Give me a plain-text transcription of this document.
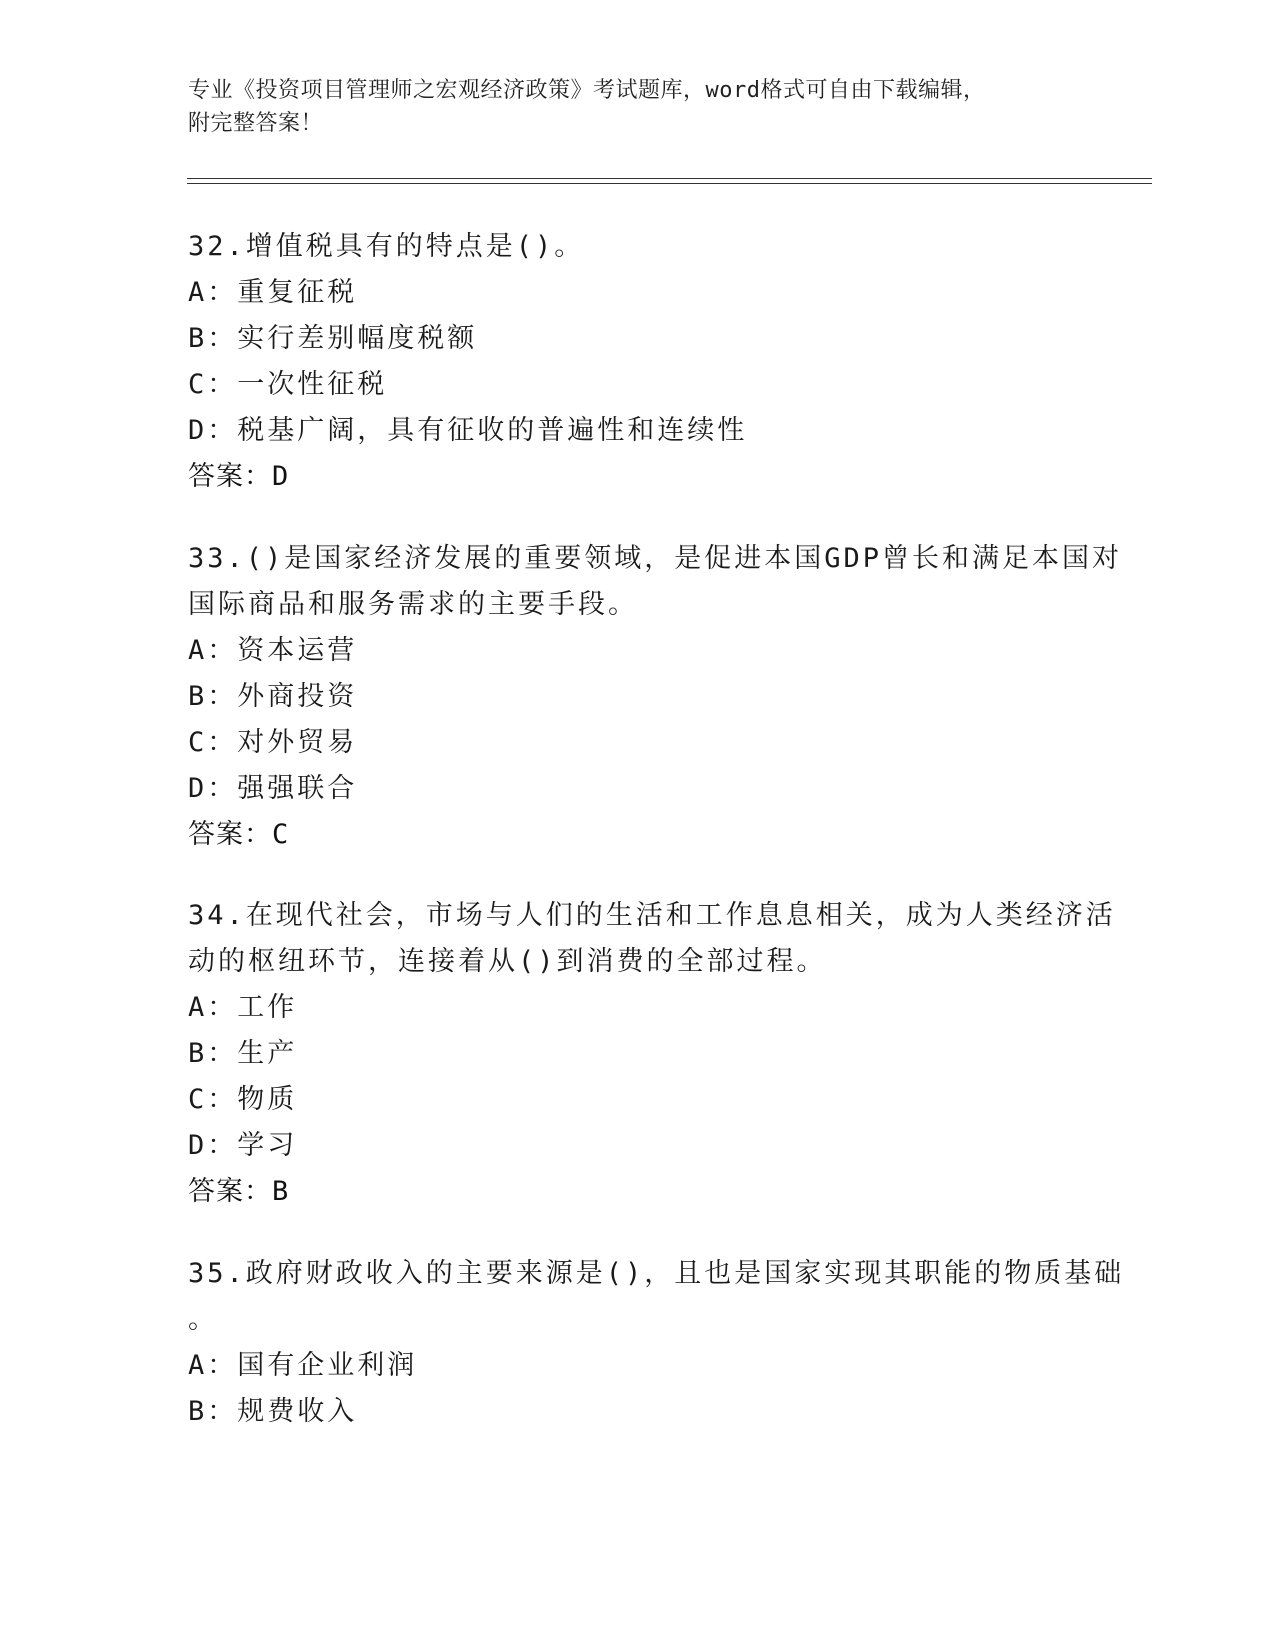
专业《投资项目管理师之宏观经济政策》考试题库，word格式可自由下载编辑，
附完整答案！
32.增值税具有的特点是()。
A：重复征税
B：实行差别幅度税额
C：一次性征税
D：税基广阔，具有征收的普遍性和连续性
答案：D
33.()是国家经济发展的重要领域，是促进本国GDP曾长和满足本国对
国际商品和服务需求的主要手段。
A：资本运营
B：外商投资
C：对外贸易
D：强强联合
答案：C
34.在现代社会，市场与人们的生活和工作息息相关，成为人类经济活
动的枢纽环节，连接着从()到消费的全部过程。
A：工作
B：生产
C：物质
D：学习
答案：B
35.政府财政收入的主要来源是()，且也是国家实现其职能的物质基础
。
A：国有企业利润
B：规费收入
